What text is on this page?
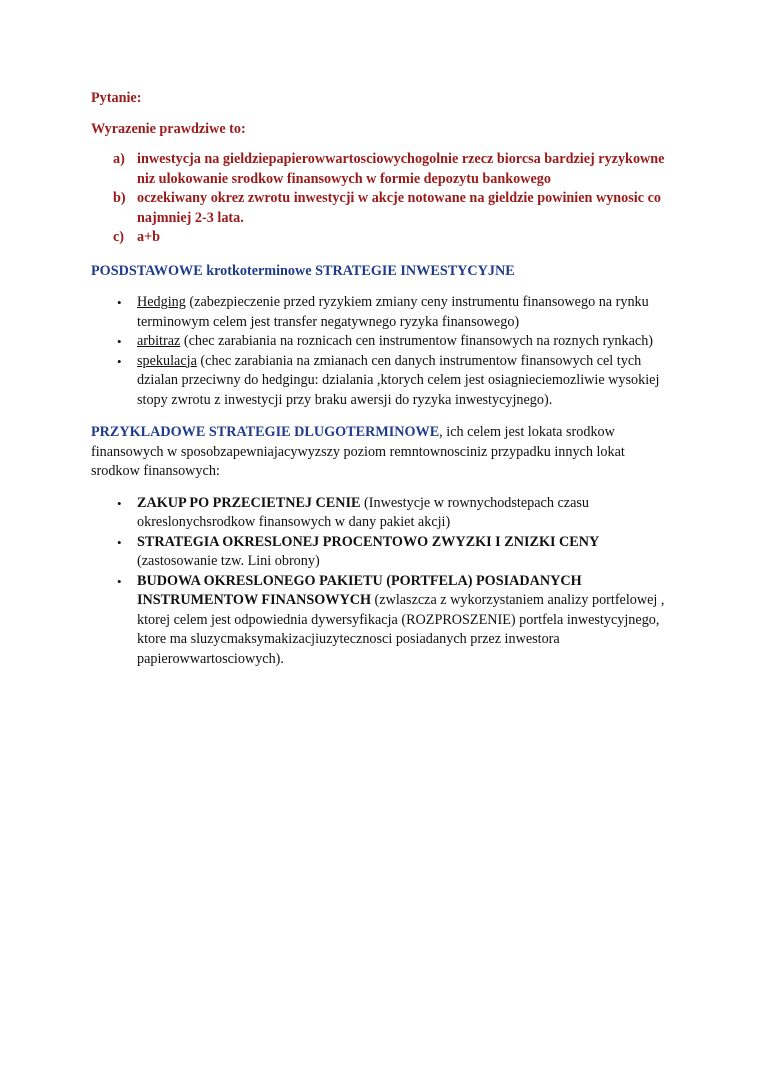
Pytanie:

Wyrazenie prawdziwe to:

a) inwestycja na gieldziepapierowwartosciowychogolnie rzecz biorcsa bardziej ryzykowne niz ulokowanie srodkow finansowych w formie depozytu bankowego
b) oczekiwany okrez zwrotu inwestycji w akcje notowane na gieldzie powinien wynosic co najmniej 2-3 lata.
c) a+b

POSDSTAWOWE krotkoterminowe STRATEGIE INWESTYCYJNE

•	Hedging (zabezpieczenie przed ryzykiem zmiany ceny instrumentu finansowego na rynku terminowym celem jest transfer negatywnego ryzyka finansowego)
•	arbitraz (chec zarabiania na roznicach cen instrumentow finansowych na roznych rynkach)
•	spekulacja (chec zarabiania na zmianach cen danych instrumentow finansowych cel tych dzialan przeciwny do hedgingu: dzialania ,ktorych celem jest osiagnieciemozliwie wysokiej stopy zwrotu z inwestycji przy braku awersji do ryzyka inwestycyjnego).

PRZYKLADOWE STRATEGIE DLUGOTERMINOWE, ich celem jest lokata srodkow finansowych w sposobzapewniajacywyzszy poziom remntownosciniz przypadku innych lokat srodkow finansowych:

•	ZAKUP PO PRZECIETNEJ CENIE (Inwestycje w rownychodstepach czasu okreslonychsrodkow finansowych w dany pakiet akcji)
•	STRATEGIA OKRESLONEJ PROCENTOWO ZWYZKI I ZNIZKI CENY (zastosowanie tzw. Lini obrony)
•	BUDOWA OKRESLONEGO PAKIETU (PORTFELA) POSIADANYCH INSTRUMENTOW FINANSOWYCH (zwlaszcza z wykorzystaniem analizy portfelowej , ktorej celem jest odpowiednia dywersyfikacja (ROZPROSZENIE) portfela inwestycyjnego, ktore ma sluzycmaksymakizacjiuzytecznosci posiadanych przez inwestora papierowwartosciowych).
